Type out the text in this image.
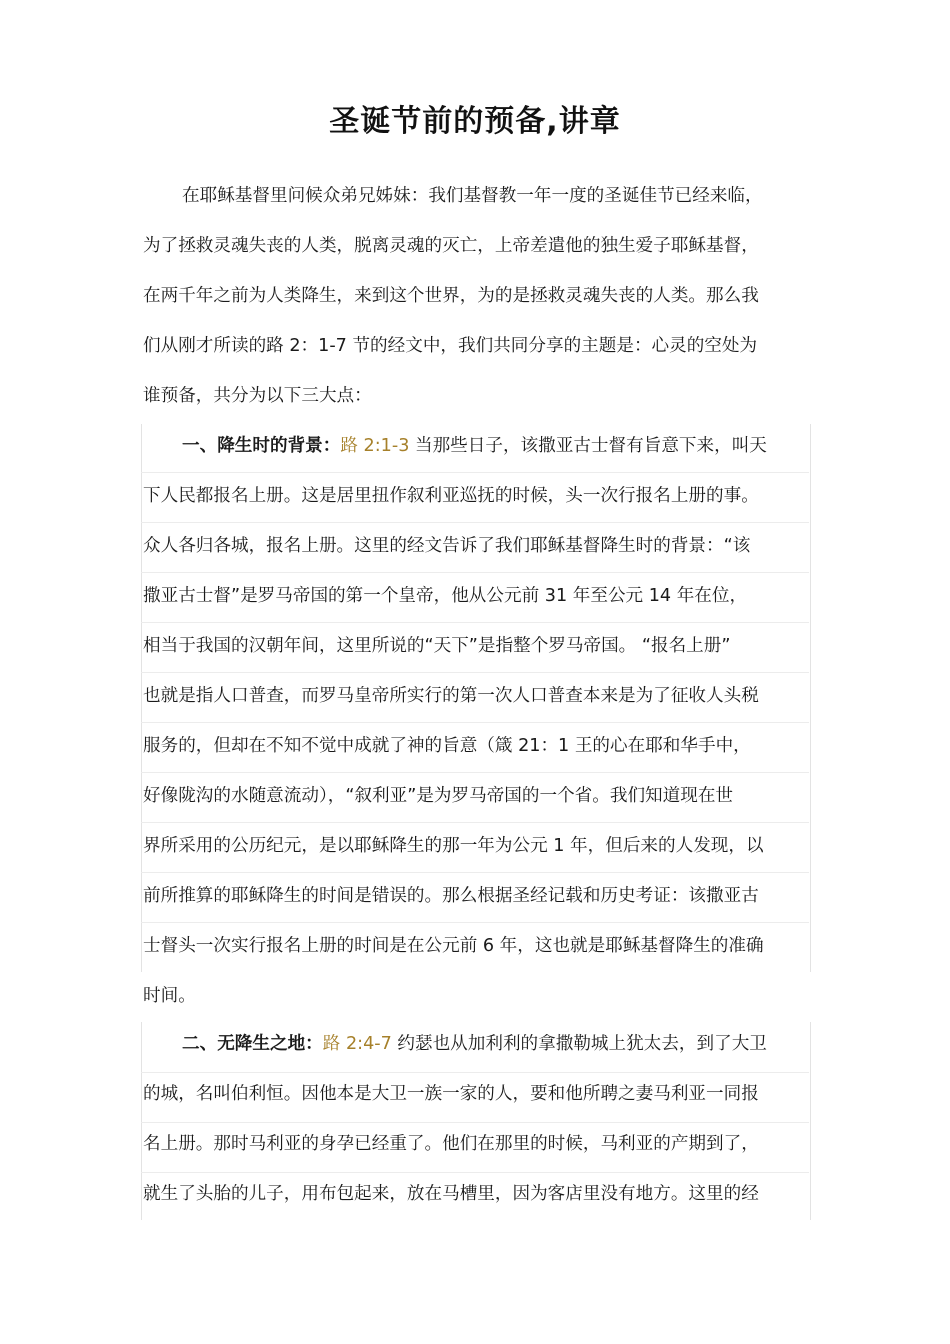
圣诞节前的预备,讲章
在耶稣基督里问候众弟兄姊妹：我们基督教一年一度的圣诞佳节已经来临，
为了拯救灵魂失丧的人类，脱离灵魂的灭亡，上帝差遣他的独生爱子耶稣基督，
在两千年之前为人类降生，来到这个世界，为的是拯救灵魂失丧的人类。那么我
们从刚才所读的路 2：1-7 节的经文中，我们共同分享的主题是：心灵的空处为
谁预备，共分为以下三大点：
一、降生时的背景：路 2:1-3 当那些日子，该撒亚古士督有旨意下来，叫天
下人民都报名上册。这是居里扭作叙利亚巡抚的时候，头一次行报名上册的事。
众人各归各城，报名上册。这里的经文告诉了我们耶稣基督降生时的背景：“该
撒亚古士督”是罗马帝国的第一个皇帝，他从公元前 31 年至公元 14 年在位，
相当于我国的汉朝年间，这里所说的“天下”是指整个罗马帝国。 “报名上册”
也就是指人口普查，而罗马皇帝所实行的第一次人口普查本来是为了征收人头税
服务的，但却在不知不觉中成就了神的旨意（箴 21：1 王的心在耶和华手中，
好像陇沟的水随意流动），“叙利亚”是为罗马帝国的一个省。我们知道现在世
界所采用的公历纪元，是以耶稣降生的那一年为公元 1 年，但后来的人发现，以
前所推算的耶稣降生的时间是错误的。那么根据圣经记载和历史考证：该撒亚古
士督头一次实行报名上册的时间是在公元前 6 年，这也就是耶稣基督降生的准确
时间。
二、无降生之地：路 2:4-7 约瑟也从加利利的拿撒勒城上犹太去，到了大卫
的城，名叫伯利恒。因他本是大卫一族一家的人，要和他所聘之妻马利亚一同报
名上册。那时马利亚的身孕已经重了。他们在那里的时候，马利亚的产期到了，
就生了头胎的儿子，用布包起来，放在马槽里，因为客店里没有地方。这里的经
